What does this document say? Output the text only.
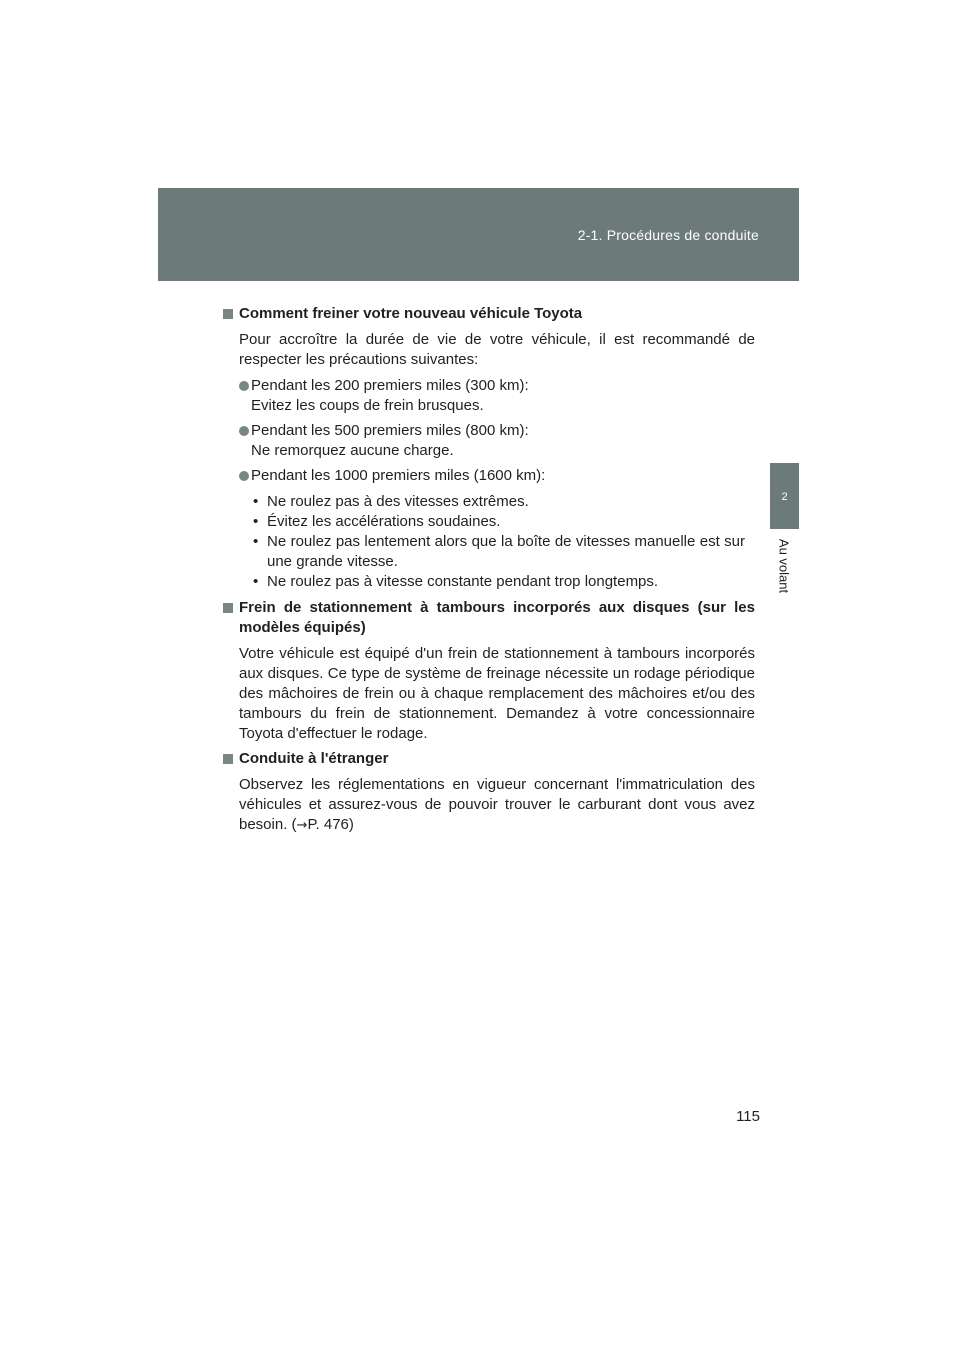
2-1. Procédures de conduite
2
Au volant

Comment freiner votre nouveau véhicule Toyota

Pour accroître la durée de vie de votre véhicule, il est recommandé de respecter les précautions suivantes:

Pendant les 200 premiers miles (300 km):
Evitez les coups de frein brusques.
Pendant les 500 premiers miles (800 km):
Ne remorquez aucune charge.
Pendant les 1000 premiers miles (1600 km):
• Ne roulez pas à des vitesses extrêmes.
• Évitez les accélérations soudaines.
• Ne roulez pas lentement alors que la boîte de vitesses manuelle est sur une grande vitesse.
• Ne roulez pas à vitesse constante pendant trop longtemps.

Frein de stationnement à tambours incorporés aux disques (sur les modèles équipés)

Votre véhicule est équipé d'un frein de stationnement à tambours incorporés aux disques. Ce type de système de freinage nécessite un rodage périodique des mâchoires de frein ou à chaque remplacement des mâchoires et/ou des tambours du frein de stationnement. Demandez à votre concessionnaire Toyota d'effectuer le rodage.

Conduite à l'étranger

Observez les réglementations en vigueur concernant l'immatriculation des véhicules et assurez-vous de pouvoir trouver le carburant dont vous avez besoin. (→P. 476)

115
